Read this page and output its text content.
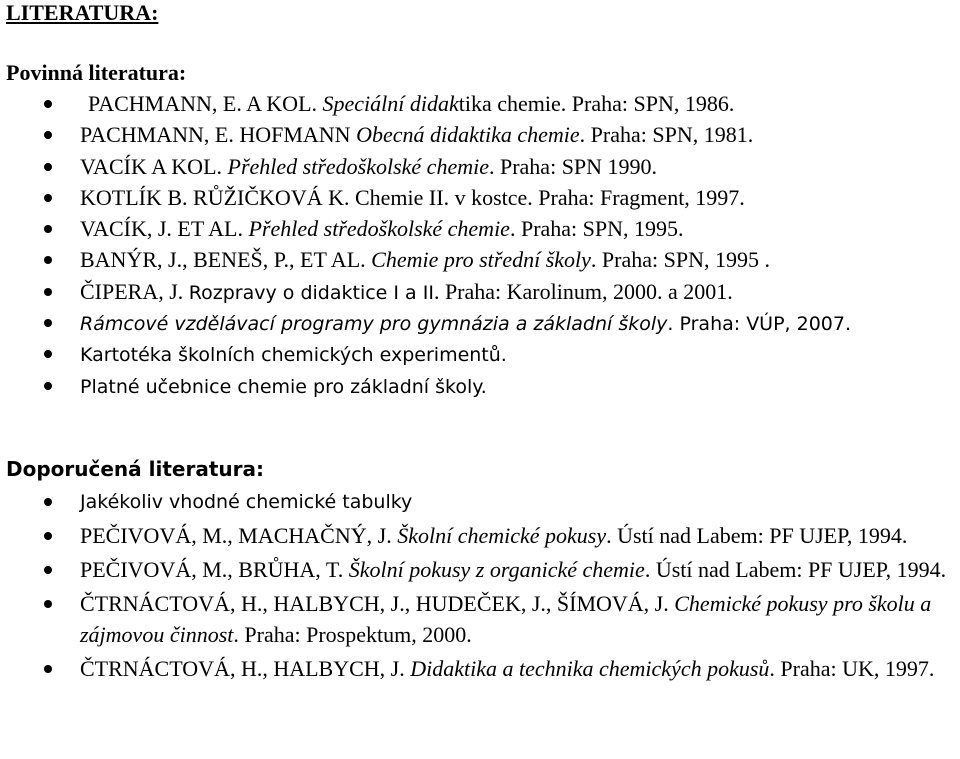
LITERATURA:
Povinná literatura:
PACHMANN, E. A KOL. Speciální didaktika chemie. Praha: SPN, 1986.
PACHMANN, E. HOFMANN Obecná didaktika chemie. Praha: SPN, 1981.
VACÍK A KOL. Přehled středoškolské chemie. Praha: SPN 1990.
KOTLÍK B. RŮŽIČKOVÁ K. Chemie II. v kostce. Praha: Fragment, 1997.
VACÍK, J. ET AL. Přehled středoškolské chemie. Praha: SPN, 1995.
BANÝR, J., BENEŠ, P., ET AL. Chemie pro střední školy. Praha: SPN, 1995 .
ČIPERA, J. Rozpravy o didaktice I a II. Praha: Karolinum, 2000. a 2001.
Rámcové vzdělávací programy pro gymnázia a základní školy. Praha: VÚP, 2007.
Kartotéka školních chemických experimentů.
Platné učebnice chemie pro základní školy.
Doporučená literatura:
Jakékoliv vhodné chemické tabulky
PEČIVOVÁ, M., MACHAČNÝ, J. Školní chemické pokusy. Ústí nad Labem: PF UJEP, 1994.
PEČIVOVÁ, M., BRŮHA, T. Školní pokusy z organické chemie. Ústí nad Labem: PF UJEP, 1994.
ČTRNÁCTOVÁ, H., HALBYCH, J., HUDEČEK, J., ŠÍMOVÁ, J. Chemické pokusy pro školu a zájmovou činnost. Praha: Prospektum, 2000.
ČTRNÁCTOVÁ, H., HALBYCH, J. Didaktika a technika chemických pokusů. Praha: UK, 1997.
